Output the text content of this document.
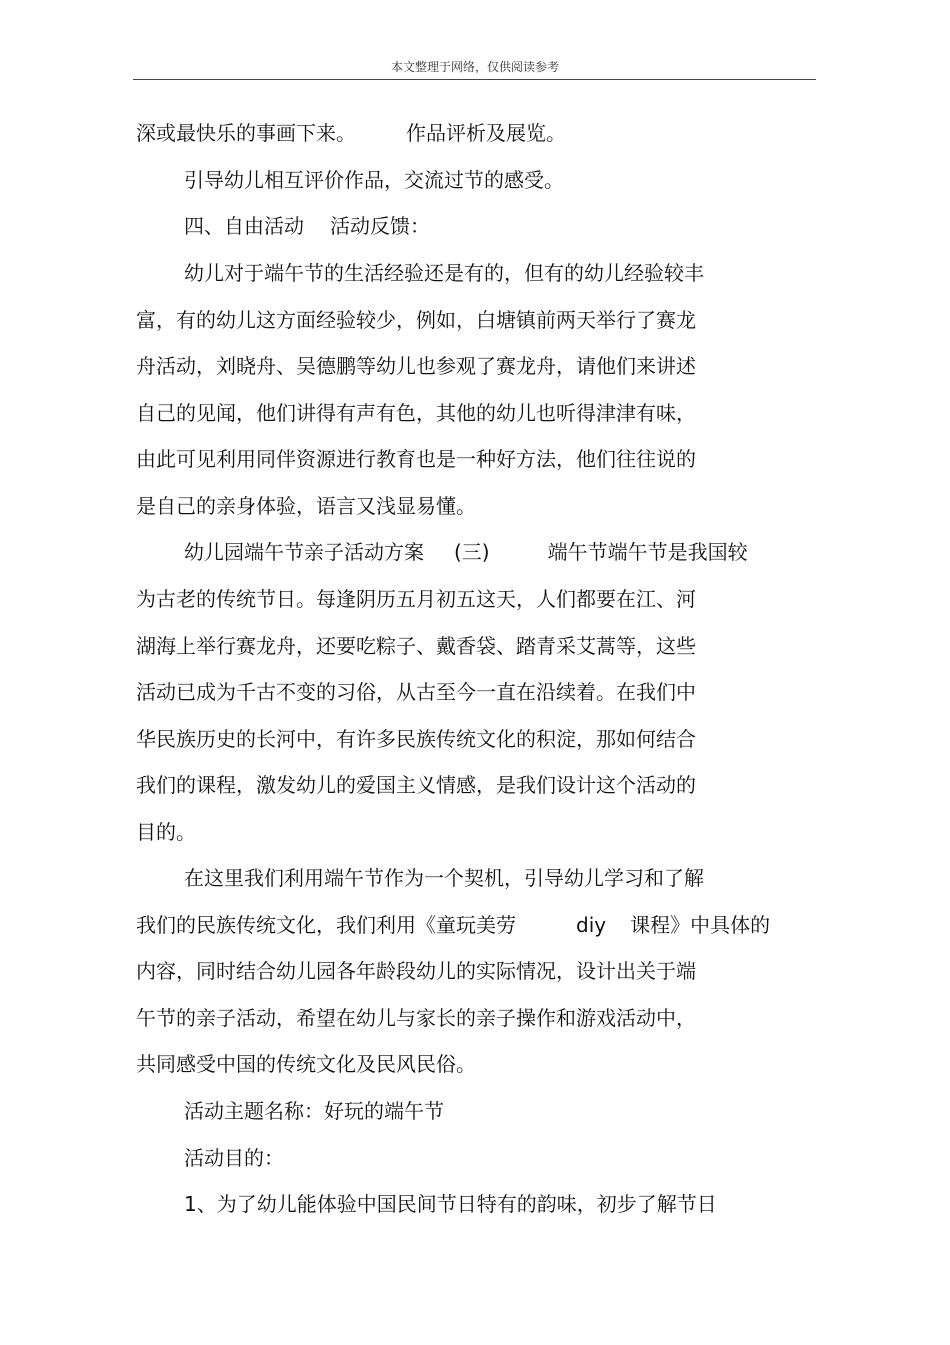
本文整理于网络，仅供阅读参考
深或最快乐的事画下来。	作品评析及展览。
引导幼儿相互评价作品，交流过节的感受。
四、自由活动 活动反馈：
幼儿对于端午节的生活经验还是有的，但有的幼儿经验较丰
富，有的幼儿这方面经验较少，例如，白塘镇前两天举行了赛龙
舟活动，刘晓舟、吴德鹏等幼儿也参观了赛龙舟，请他们来讲述
自己的见闻，他们讲得有声有色，其他的幼儿也听得津津有味，
由此可见利用同伴资源进行教育也是一种好方法，他们往往说的
是自己的亲身体验，语言又浅显易懂。
幼儿园端午节亲子活动方案 (三)	端午节端午节是我国较
为古老的传统节日。每逢阴历五月初五这天，人们都要在江、河
湖海上举行赛龙舟，还要吃粽子、戴香袋、踏青采艾蒿等，这些
活动已成为千古不变的习俗，从古至今一直在沿续着。在我们中
华民族历史的长河中，有许多民族传统文化的积淀，那如何结合
我们的课程，激发幼儿的爱国主义情感，是我们设计这个活动的
目的。
在这里我们利用端午节作为一个契机，引导幼儿学习和了解
我们的民族传统文化，我们利用《童玩美劳	diy 课程》中具体的
内容，同时结合幼儿园各年龄段幼儿的实际情况，设计出关于端
午节的亲子活动，希望在幼儿与家长的亲子操作和游戏活动中，
共同感受中国的传统文化及民风民俗。
活动主题名称：好玩的端午节
活动目的：
1、为了幼儿能体验中国民间节日特有的韵味，初步了解节日
